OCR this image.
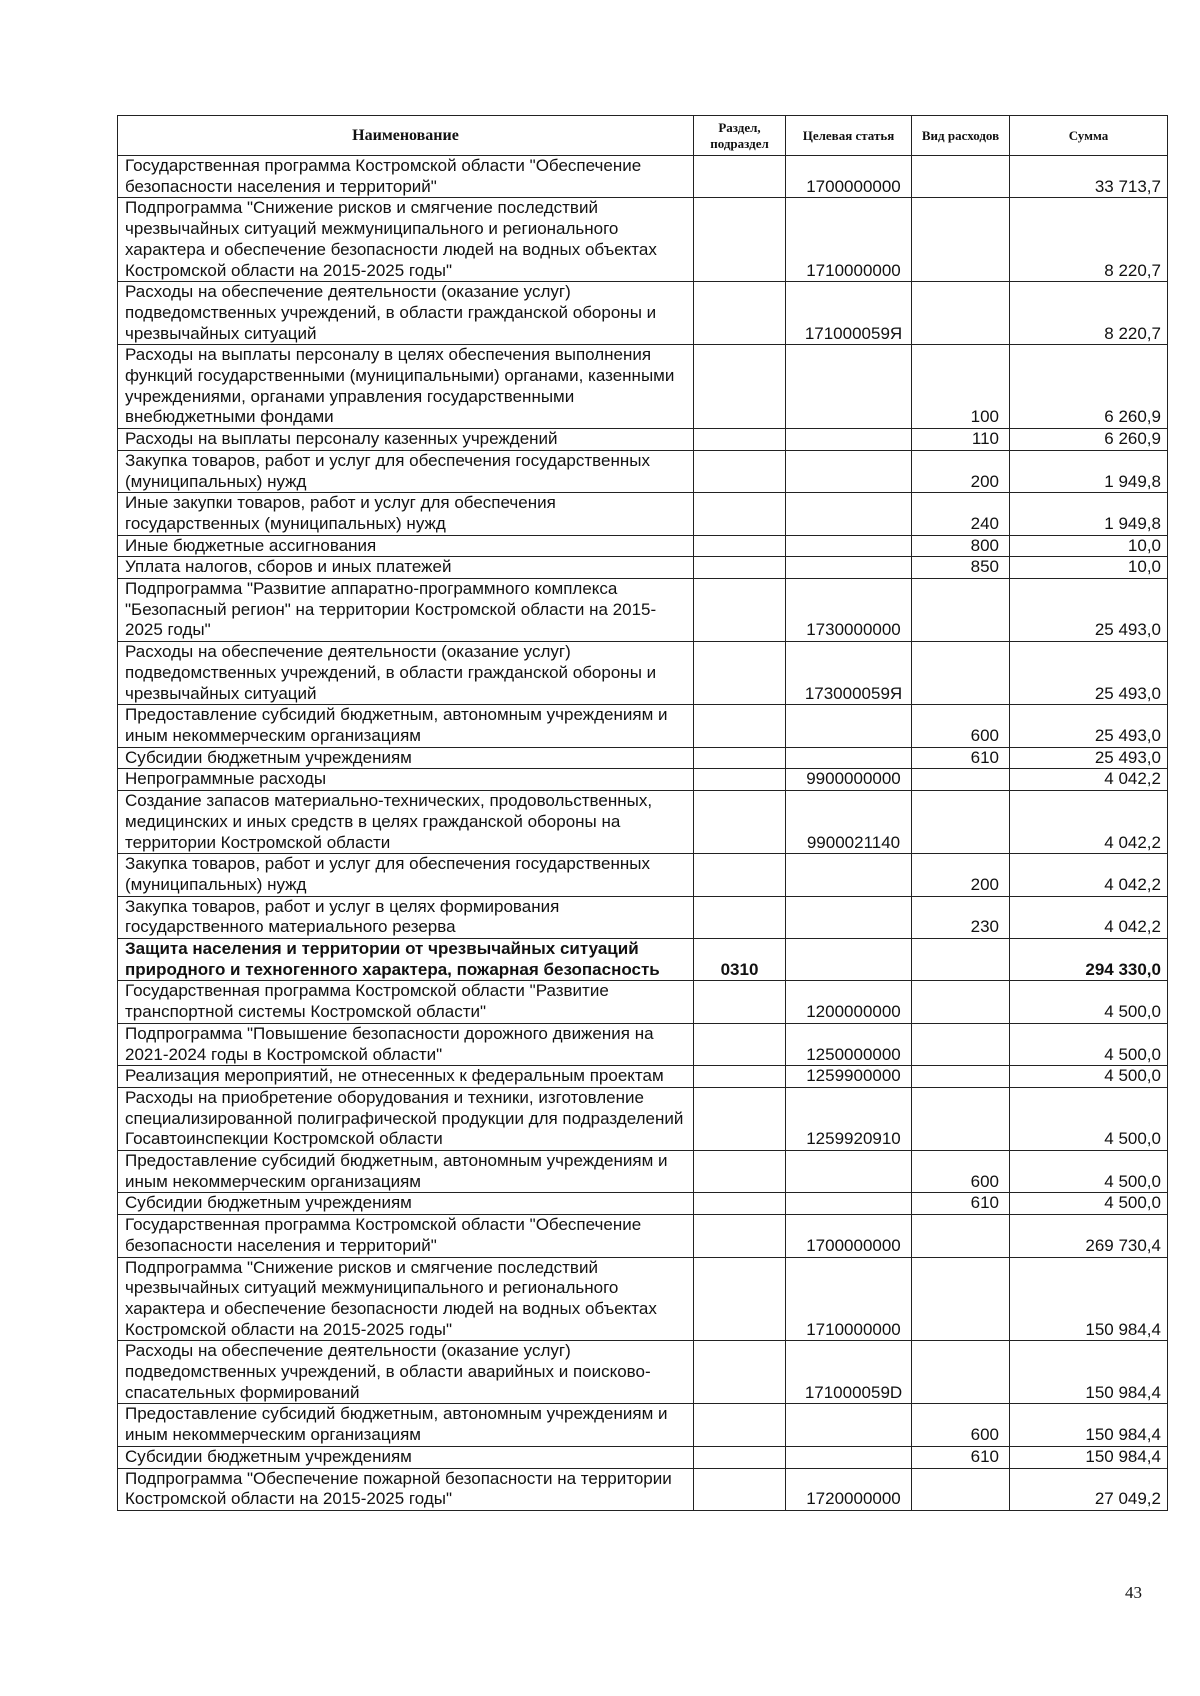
Наименование	Раздел, подраздел	Целевая статья	Вид расходов	Сумма
Государственная программа Костромской области "Обеспечение безопасности населения и территорий"		1700000000		33 713,7
Подпрограмма "Снижение рисков и смягчение последствий чрезвычайных ситуаций межмуниципального и регионального характера и обеспечение безопасности людей на водных объектах Костромской области на 2015-2025 годы"		1710000000		8 220,7
Расходы на обеспечение деятельности (оказание услуг) подведомственных учреждений, в области гражданской обороны и чрезвычайных ситуаций		171000059Я		8 220,7
Расходы на выплаты персоналу в целях обеспечения выполнения функций государственными (муниципальными) органами, казенными учреждениями, органами управления государственными внебюджетными фондами			100	6 260,9
Расходы на выплаты персоналу казенных учреждений			110	6 260,9
Закупка товаров, работ и услуг для обеспечения государственных (муниципальных) нужд			200	1 949,8
Иные закупки товаров, работ и услуг для обеспечения государственных (муниципальных) нужд			240	1 949,8
Иные бюджетные ассигнования			800	10,0
Уплата налогов, сборов и иных платежей			850	10,0
Подпрограмма "Развитие аппаратно-программного комплекса "Безопасный регион" на территории Костромской области на 2015-2025 годы"		1730000000		25 493,0
Расходы на обеспечение деятельности (оказание услуг) подведомственных учреждений, в области гражданской обороны и чрезвычайных ситуаций		173000059Я		25 493,0
Предоставление субсидий бюджетным, автономным учреждениям и иным некоммерческим организациям			600	25 493,0
Субсидии бюджетным учреждениям			610	25 493,0
Непрограммные расходы		9900000000		4 042,2
Создание запасов материально-технических, продовольственных, медицинских и иных средств в целях гражданской обороны на территории Костромской области		9900021140		4 042,2
Закупка товаров, работ и услуг для обеспечения государственных (муниципальных) нужд			200	4 042,2
Закупка товаров, работ и услуг в целях формирования государственного материального резерва			230	4 042,2
Защита населения и территории от чрезвычайных ситуаций природного и техногенного характера, пожарная безопасность	0310			294 330,0
Государственная программа Костромской области "Развитие транспортной системы Костромской области"		1200000000		4 500,0
Подпрограмма "Повышение безопасности дорожного движения на 2021-2024 годы в Костромской области"		1250000000		4 500,0
Реализация мероприятий, не отнесенных к федеральным проектам		1259900000		4 500,0
Расходы на приобретение оборудования и техники, изготовление специализированной полиграфической продукции для подразделений Госавтоинспекции Костромской области		1259920910		4 500,0
Предоставление субсидий бюджетным, автономным учреждениям и иным некоммерческим организациям			600	4 500,0
Субсидии бюджетным учреждениям			610	4 500,0
Государственная программа Костромской области "Обеспечение безопасности населения и территорий"		1700000000		269 730,4
Подпрограмма "Снижение рисков и смягчение последствий чрезвычайных ситуаций межмуниципального и регионального характера и обеспечение безопасности людей на водных объектах Костромской области на 2015-2025 годы"		1710000000		150 984,4
Расходы на обеспечение деятельности (оказание услуг) подведомственных учреждений, в области аварийных и поисково-спасательных формирований		171000059D		150 984,4
Предоставление субсидий бюджетным, автономным учреждениям и иным некоммерческим организациям			600	150 984,4
Субсидии бюджетным учреждениям			610	150 984,4
Подпрограмма "Обеспечение пожарной безопасности на территории Костромской области на 2015-2025 годы"		1720000000		27 049,2
43
